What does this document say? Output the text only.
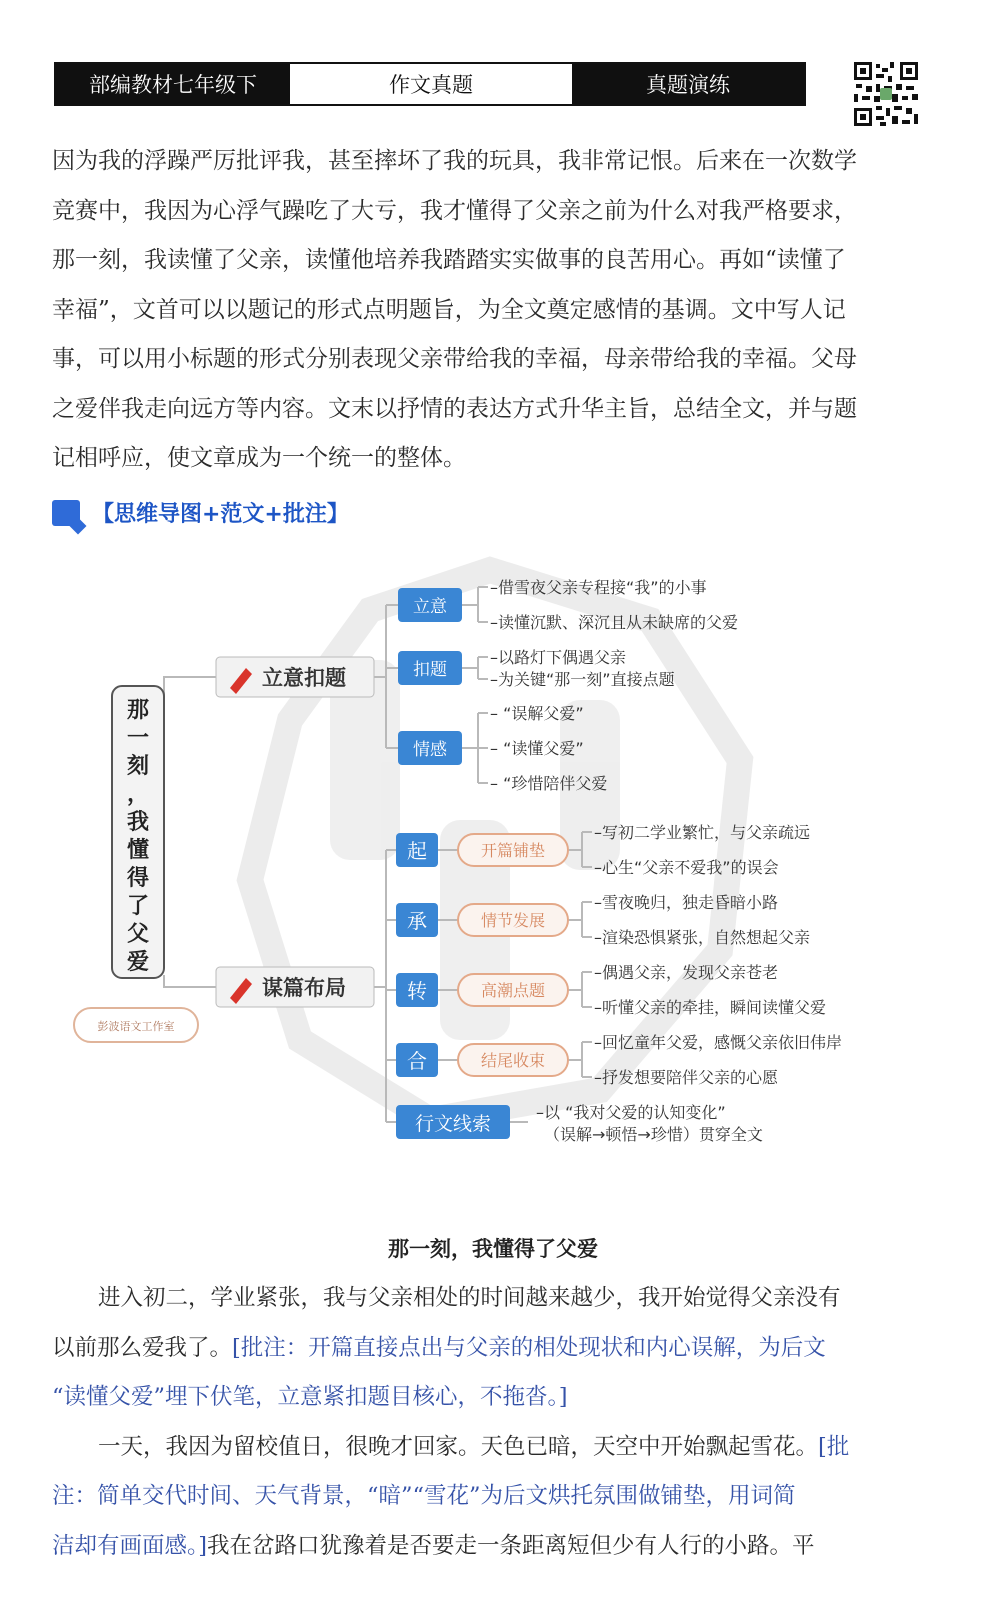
部编教材七年级下	作文真题	真题演练

因为我的浮躁严厉批评我，甚至摔坏了我的玩具，我非常记恨。后来在一次数学

竞赛中，我因为心浮气躁吃了大亏，我才懂得了父亲之前为什么对我严格要求，

那一刻，我读懂了父亲，读懂他培养我踏踏实实做事的良苦用心。再如“读懂了

幸福”，文首可以以题记的形式点明题旨，为全文奠定感情的基调。文中写人记

事，可以用小标题的形式分别表现父亲带给我的幸福，母亲带给我的幸福。父母

之爱伴我走向远方等内容。文末以抒情的表达方式升华主旨，总结全文，并与题

记相呼应，使文章成为一个统一的整体。

【思维导图+范文+批注】
那
一
刻
，
我
懂
得
了
父
爱
彭波语文工作室
立意扣题
立意
扣题
情感
–借雪夜父亲专程接“我”的小事
–读懂沉默、深沉且从未缺席的父爱
–以路灯下偶遇父亲
–为关键“那一刻”直接点题
– “误解父爱”
– “读懂父爱”
– “珍惜陪伴父爱
谋篇布局
起
承
转
合
开篇铺垫
情节发展
高潮点题
结尾收束
–写初二学业繁忙，与父亲疏远
–心生“父亲不爱我”的误会
–雪夜晚归，独走昏暗小路
–渲染恐惧紧张，自然想起父亲
–偶遇父亲，发现父亲苍老
–听懂父亲的牵挂，瞬间读懂父爱
–回忆童年父爱，感慨父亲依旧伟岸
–抒发想要陪伴父亲的心愿
行文线索
–以 “我对父爱的认知变化”
（误解→顿悟→珍惜）贯穿全文
那一刻，我懂得了父爱

进入初二，学业紧张，我与父亲相处的时间越来越少，我开始觉得父亲没有

以前那么爱我了。[批注：开篇直接点出与父亲的相处现状和内心误解，为后文

“读懂父爱”埋下伏笔，立意紧扣题目核心，不拖沓。]

一天，我因为留校值日，很晚才回家。天色已暗，天空中开始飘起雪花。[批

注：简单交代时间、天气背景，“暗”“雪花”为后文烘托氛围做铺垫，用词简

洁却有画面感。]我在岔路口犹豫着是否要走一条距离短但少有人行的小路。平
